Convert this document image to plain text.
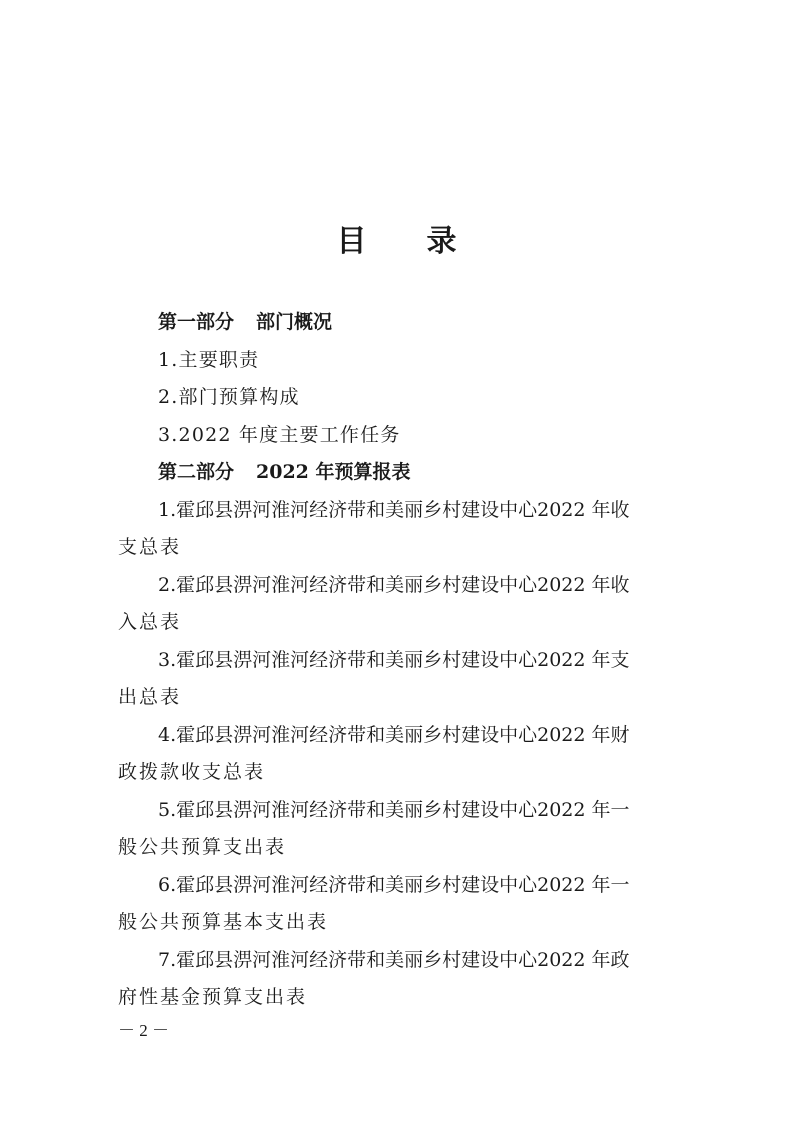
目 录
第一部分 部门概况
1.主要职责
2.部门预算构成
3.2022 年度主要工作任务
第二部分 2022 年预算报表
1.霍邱县淠河淮河经济带和美丽乡村建设中心2022 年收
支总表
2.霍邱县淠河淮河经济带和美丽乡村建设中心2022 年收
入总表
3.霍邱县淠河淮河经济带和美丽乡村建设中心2022 年支
出总表
4.霍邱县淠河淮河经济带和美丽乡村建设中心2022 年财
政拨款收支总表
5.霍邱县淠河淮河经济带和美丽乡村建设中心2022 年一
般公共预算支出表
6.霍邱县淠河淮河经济带和美丽乡村建设中心2022 年一
般公共预算基本支出表
7.霍邱县淠河淮河经济带和美丽乡村建设中心2022 年政
府性基金预算支出表
－ 2 －
